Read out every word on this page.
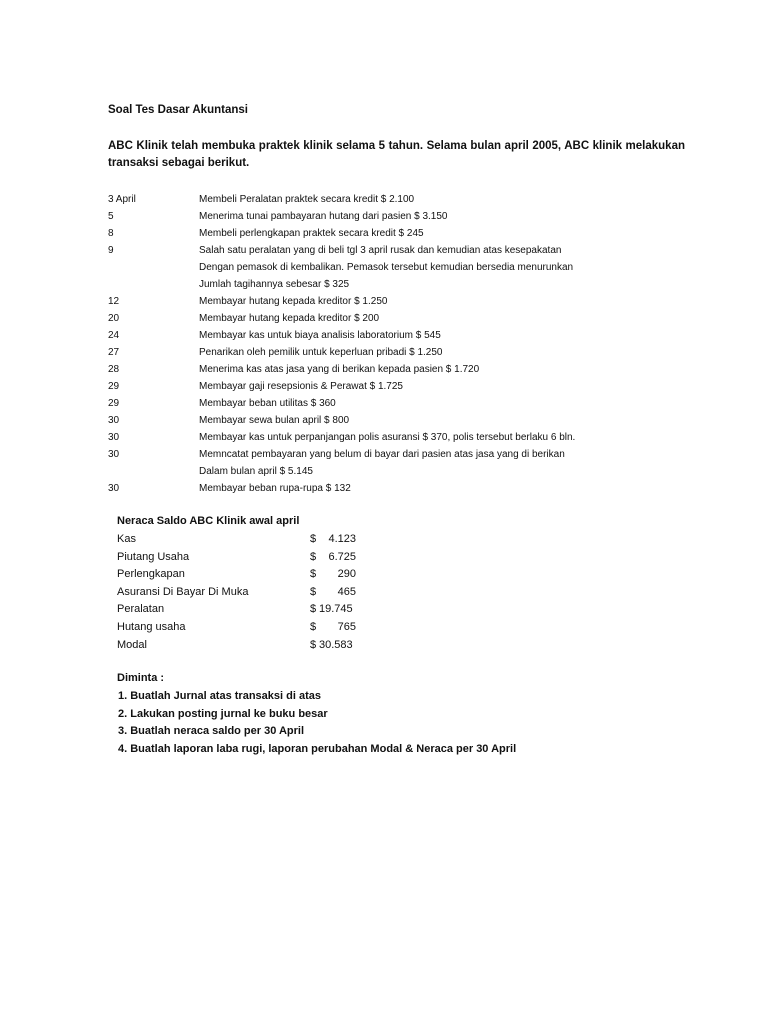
Soal Tes Dasar Akuntansi
ABC Klinik telah membuka praktek klinik selama 5 tahun. Selama bulan april 2005, ABC klinik melakukan transaksi sebagai berikut.
3 April	Membeli Peralatan praktek secara kredit $ 2.100
5	Menerima tunai pambayaran hutang dari pasien $ 3.150
8	Membeli perlengkapan praktek secara kredit $ 245
9	Salah satu peralatan yang di beli tgl 3 april rusak dan kemudian atas kesepakatan
Dengan pemasok di kembalikan. Pemasok tersebut kemudian bersedia menurunkan
Jumlah tagihannya sebesar $ 325
12	Membayar hutang kepada kreditor $ 1.250
20	Membayar hutang kepada kreditor $ 200
24	Membayar kas untuk biaya analisis laboratorium $ 545
27	Penarikan oleh pemilik untuk keperluan pribadi $ 1.250
28	Menerima kas atas jasa yang di berikan kepada pasien $ 1.720
29	Membayar gaji resepsionis & Perawat $ 1.725
29	Membayar beban utilitas $ 360
30	Membayar sewa bulan april $ 800
30	Membayar kas untuk perpanjangan polis asuransi $ 370, polis tersebut berlaku 6 bln.
30	Memncatat pembayaran yang belum di bayar dari pasien atas jasa yang di berikan
Dalam bulan april $ 5.145
30	Membayar beban rupa-rupa $ 132
Neraca Saldo ABC Klinik awal april
Kas	$	4.123
Piutang Usaha	$	6.725
Perlengkapan	$	290
Asuransi Di Bayar Di Muka	$	465
Peralatan	$ 19.745
Hutang usaha	$	765
Modal	$ 30.583
Diminta :
1. Buatlah Jurnal atas transaksi di atas
2. Lakukan posting jurnal ke buku besar
3. Buatlah neraca saldo per 30 April
4. Buatlah laporan laba rugi, laporan perubahan Modal & Neraca per 30 April
